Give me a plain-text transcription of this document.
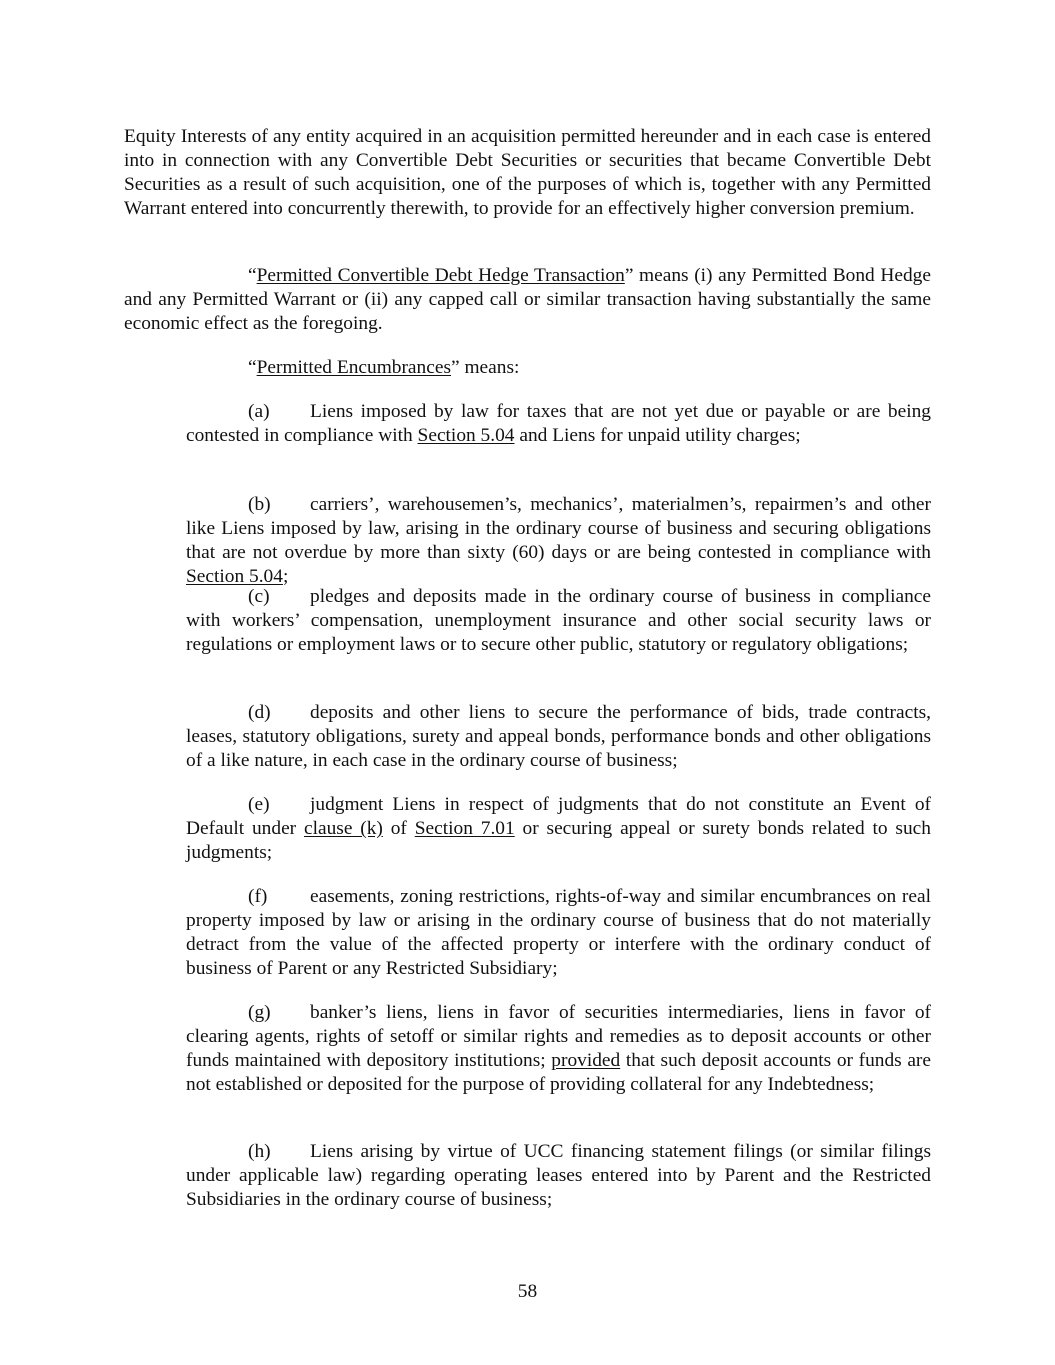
Equity Interests of any entity acquired in an acquisition permitted hereunder and in each case is entered into in connection with any Convertible Debt Securities or securities that became Convertible Debt Securities as a result of such acquisition, one of the purposes of which is, together with any Permitted Warrant entered into concurrently therewith, to provide for an effectively higher conversion premium.

“Permitted Convertible Debt Hedge Transaction” means (i) any Permitted Bond Hedge and any Permitted Warrant or (ii) any capped call or similar transaction having substantially the same economic effect as the foregoing.

“Permitted Encumbrances” means:

(a) Liens imposed by law for taxes that are not yet due or payable or are being contested in compliance with Section 5.04 and Liens for unpaid utility charges;

(b) carriers’, warehousemen’s, mechanics’, materialmen’s, repairmen’s and other like Liens imposed by law, arising in the ordinary course of business and securing obligations that are not overdue by more than sixty (60) days or are being contested in compliance with Section 5.04;

(c) pledges and deposits made in the ordinary course of business in compliance with workers’ compensation, unemployment insurance and other social security laws or regulations or employment laws or to secure other public, statutory or regulatory obligations;

(d) deposits and other liens to secure the performance of bids, trade contracts, leases, statutory obligations, surety and appeal bonds, performance bonds and other obligations of a like nature, in each case in the ordinary course of business;

(e) judgment Liens in respect of judgments that do not constitute an Event of Default under clause (k) of Section 7.01 or securing appeal or surety bonds related to such judgments;

(f) easements, zoning restrictions, rights-of-way and similar encumbrances on real property imposed by law or arising in the ordinary course of business that do not materially detract from the value of the affected property or interfere with the ordinary conduct of business of Parent or any Restricted Subsidiary;

(g) banker’s liens, liens in favor of securities intermediaries, liens in favor of clearing agents, rights of setoff or similar rights and remedies as to deposit accounts or other funds maintained with depository institutions; provided that such deposit accounts or funds are not established or deposited for the purpose of providing collateral for any Indebtedness;

(h) Liens arising by virtue of UCC financing statement filings (or similar filings under applicable law) regarding operating leases entered into by Parent and the Restricted Subsidiaries in the ordinary course of business;

58
